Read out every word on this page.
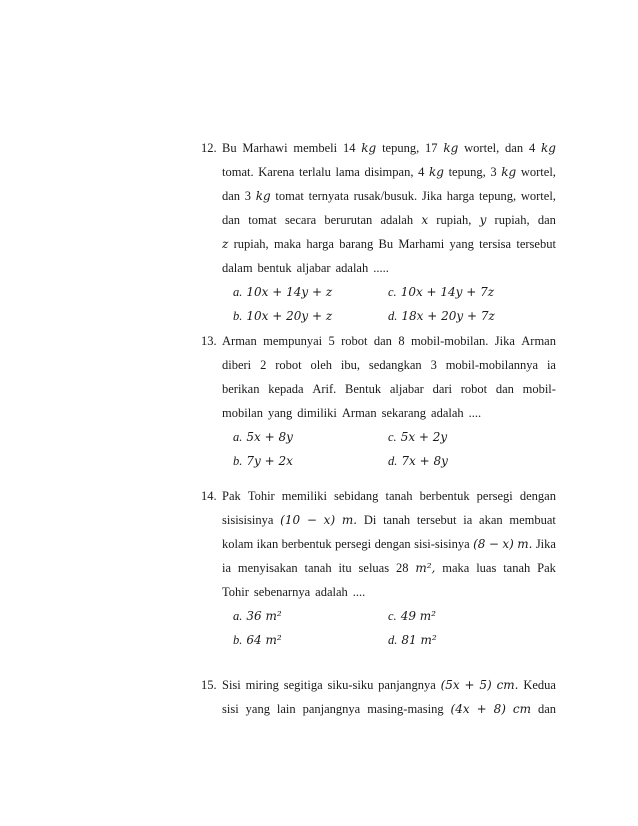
12. Bu Marhawi membeli 14 kg tepung, 17 kg wortel, dan 4 kg
tomat. Karena terlalu lama disimpan, 4 kg tepung, 3 kg wortel,
dan 3 kg tomat ternyata rusak/busuk. Jika harga tepung, wortel,
dan tomat secara berurutan adalah x rupiah, y rupiah, dan
z rupiah, maka harga barang Bu Marhami yang tersisa tersebut
dalam bentuk aljabar adalah .....
a. 10x + 14y + z
b. 10x + 20y + z
c. 10x + 14y + 7z
d. 18x + 20y + 7z
13. Arman mempunyai 5 robot dan 8 mobil-mobilan. Jika Arman
diberi 2 robot oleh ibu, sedangkan 3 mobil-mobilannya ia
berikan kepada Arif. Bentuk aljabar dari robot dan mobil-
mobilan yang dimiliki Arman sekarang adalah ....
a. 5x + 8y
b. 7y + 2x
c. 5x + 2y
d. 7x + 8y
14. Pak Tohir memiliki sebidang tanah berbentuk persegi dengan
sisisisinya (10 − x) m. Di tanah tersebut ia akan membuat
kolam ikan berbentuk persegi dengan sisi-sisinya (8 − x) m. Jika
ia menyisakan tanah itu seluas 28 m², maka luas tanah Pak
Tohir sebenarnya adalah ....
a. 36 m²
b. 64 m²
c. 49 m²
d. 81 m²
15. Sisi miring segitiga siku-siku panjangnya (5x + 5) cm. Kedua
sisi yang lain panjangnya masing-masing (4x + 8) cm dan
